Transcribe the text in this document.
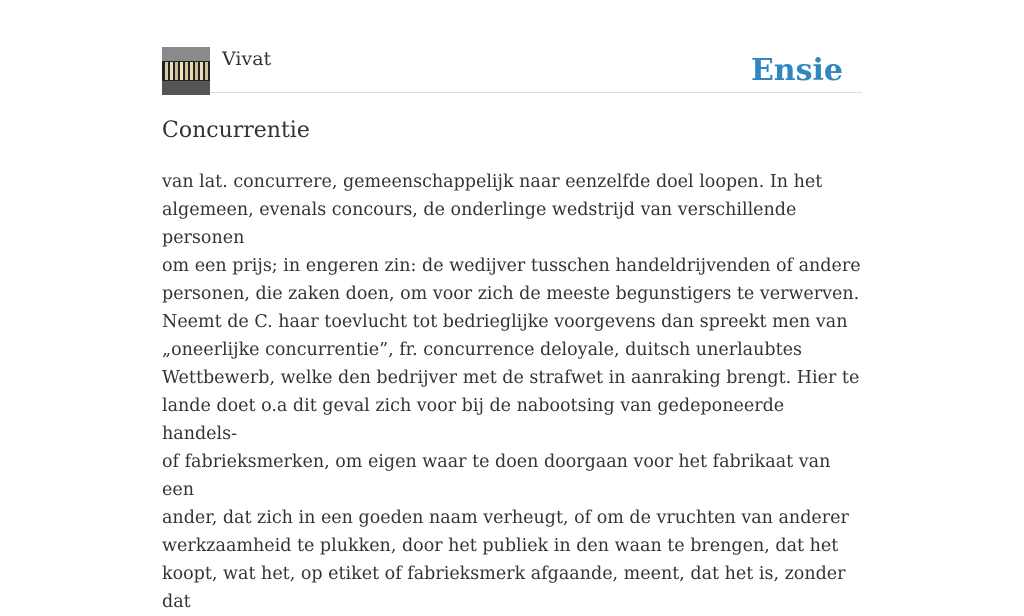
Vivat	Ensie
Concurrentie
van lat. concurrere, gemeenschappelijk naar eenzelfde doel loopen. In het
algemeen, evenals concours, de onderlinge wedstrijd van verschillende personen
om een prijs; in engeren zin: de wedijver tusschen handeldrijvenden of andere
personen, die zaken doen, om voor zich de meeste begunstigers te verwerven.
Neemt de C. haar toevlucht tot bedrieglijke voorgevens dan spreekt men van
„oneerlijke concurrentie”, fr. concurrence deloyale, duitsch unerlaubtes
Wettbewerb, welke den bedrijver met de strafwet in aanraking brengt. Hier te
lande doet o.a dit geval zich voor bij de nabootsing van gedeponeerde handels-
of fabrieksmerken, om eigen waar te doen doorgaan voor het fabrikaat van een
ander, dat zich in een goeden naam verheugt, of om de vruchten van anderer
werkzaamheid te plukken, door het publiek in den waan te brengen, dat het
koopt, wat het, op etiket of fabrieksmerk afgaande, meent, dat het is, zonder dat
